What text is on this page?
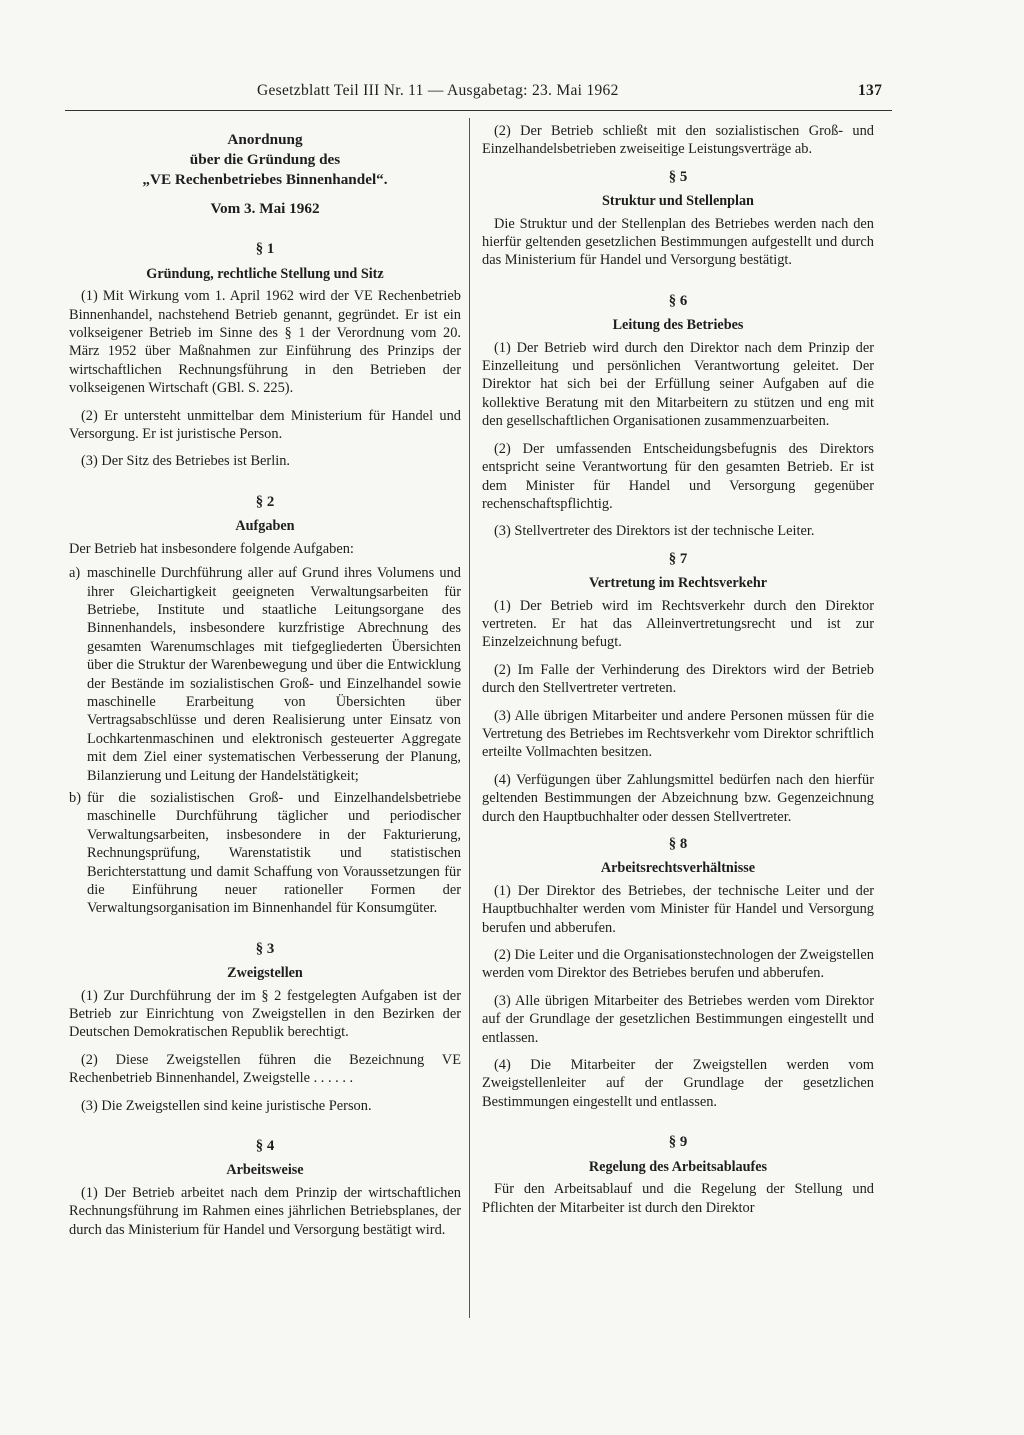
Gesetzblatt Teil III Nr. 11 — Ausgabetag: 23. Mai 1962	137
Anordnung
über die Gründung des
„VE Rechenbetriebes Binnenhandel“.
Vom 3. Mai 1962
§ 1
Gründung, rechtliche Stellung und Sitz

(1) Mit Wirkung vom 1. April 1962 wird der VE Rechenbetrieb Binnenhandel, nachstehend Betrieb genannt, gegründet. Er ist ein volkseigener Betrieb im Sinne des § 1 der Verordnung vom 20. März 1952 über Maßnahmen zur Einführung des Prinzips der wirtschaftlichen Rechnungsführung in den Betrieben der volkseigenen Wirtschaft (GBl. S. 225).

(2) Er untersteht unmittelbar dem Ministerium für Handel und Versorgung. Er ist juristische Person.

(3) Der Sitz des Betriebes ist Berlin.

§ 2
Aufgaben

Der Betrieb hat insbesondere folgende Aufgaben:

a) maschinelle Durchführung aller auf Grund ihres Volumens und ihrer Gleichartigkeit geeigneten Verwaltungsarbeiten für Betriebe, Institute und staatliche Leitungsorgane des Binnenhandels, insbesondere kurzfristige Abrechnung des gesamten Warenumschlages mit tiefgegliederten Übersichten über die Struktur der Warenbewegung und über die Entwicklung der Bestände im sozialistischen Groß- und Einzelhandel sowie maschinelle Erarbeitung von Übersichten über Vertragsabschlüsse und deren Realisierung unter Einsatz von Lochkartenmaschinen und elektronisch gesteuerter Aggregate mit dem Ziel einer systematischen Verbesserung der Planung, Bilanzierung und Leitung der Handelstätigkeit;
b) für die sozialistischen Groß- und Einzelhandelsbetriebe maschinelle Durchführung täglicher und periodischer Verwaltungsarbeiten, insbesondere in der Fakturierung, Rechnungsprüfung, Warenstatistik und statistischen Berichterstattung und damit Schaffung von Voraussetzungen für die Einführung neuer rationeller Formen der Verwaltungsorganisation im Binnenhandel für Konsumgüter.
§ 3
Zweigstellen

(1) Zur Durchführung der im § 2 festgelegten Aufgaben ist der Betrieb zur Einrichtung von Zweigstellen in den Bezirken der Deutschen Demokratischen Republik berechtigt.

(2) Diese Zweigstellen führen die Bezeichnung VE Rechenbetrieb Binnenhandel, Zweigstelle . . . . . .

(3) Die Zweigstellen sind keine juristische Person.

§ 4
Arbeitsweise

(1) Der Betrieb arbeitet nach dem Prinzip der wirtschaftlichen Rechnungsführung im Rahmen eines jährlichen Betriebsplanes, der durch das Ministerium für Handel und Versorgung bestätigt wird.

(2) Der Betrieb schließt mit den sozialistischen Groß- und Einzelhandelsbetrieben zweiseitige Leistungsverträge ab.

§ 5
Struktur und Stellenplan

Die Struktur und der Stellenplan des Betriebes werden nach den hierfür geltenden gesetzlichen Bestimmungen aufgestellt und durch das Ministerium für Handel und Versorgung bestätigt.

§ 6
Leitung des Betriebes

(1) Der Betrieb wird durch den Direktor nach dem Prinzip der Einzelleitung und persönlichen Verantwortung geleitet. Der Direktor hat sich bei der Erfüllung seiner Aufgaben auf die kollektive Beratung mit den Mitarbeitern zu stützen und eng mit den gesellschaftlichen Organisationen zusammenzuarbeiten.

(2) Der umfassenden Entscheidungsbefugnis des Direktors entspricht seine Verantwortung für den gesamten Betrieb. Er ist dem Minister für Handel und Versorgung gegenüber rechenschaftspflichtig.

(3) Stellvertreter des Direktors ist der technische Leiter.

§ 7
Vertretung im Rechtsverkehr

(1) Der Betrieb wird im Rechtsverkehr durch den Direktor vertreten. Er hat das Alleinvertretungsrecht und ist zur Einzelzeichnung befugt.

(2) Im Falle der Verhinderung des Direktors wird der Betrieb durch den Stellvertreter vertreten.

(3) Alle übrigen Mitarbeiter und andere Personen müssen für die Vertretung des Betriebes im Rechtsverkehr vom Direktor schriftlich erteilte Vollmachten besitzen.

(4) Verfügungen über Zahlungsmittel bedürfen nach den hierfür geltenden Bestimmungen der Abzeichnung bzw. Gegenzeichnung durch den Hauptbuchhalter oder dessen Stellvertreter.

§ 8
Arbeitsrechtsverhältnisse

(1) Der Direktor des Betriebes, der technische Leiter und der Hauptbuchhalter werden vom Minister für Handel und Versorgung berufen und abberufen.

(2) Die Leiter und die Organisationstechnologen der Zweigstellen werden vom Direktor des Betriebes berufen und abberufen.

(3) Alle übrigen Mitarbeiter des Betriebes werden vom Direktor auf der Grundlage der gesetzlichen Bestimmungen eingestellt und entlassen.

(4) Die Mitarbeiter der Zweigstellen werden vom Zweigstellenleiter auf der Grundlage der gesetzlichen Bestimmungen eingestellt und entlassen.

§ 9
Regelung des Arbeitsablaufes

Für den Arbeitsablauf und die Regelung der Stellung und Pflichten der Mitarbeiter ist durch den Direktor
